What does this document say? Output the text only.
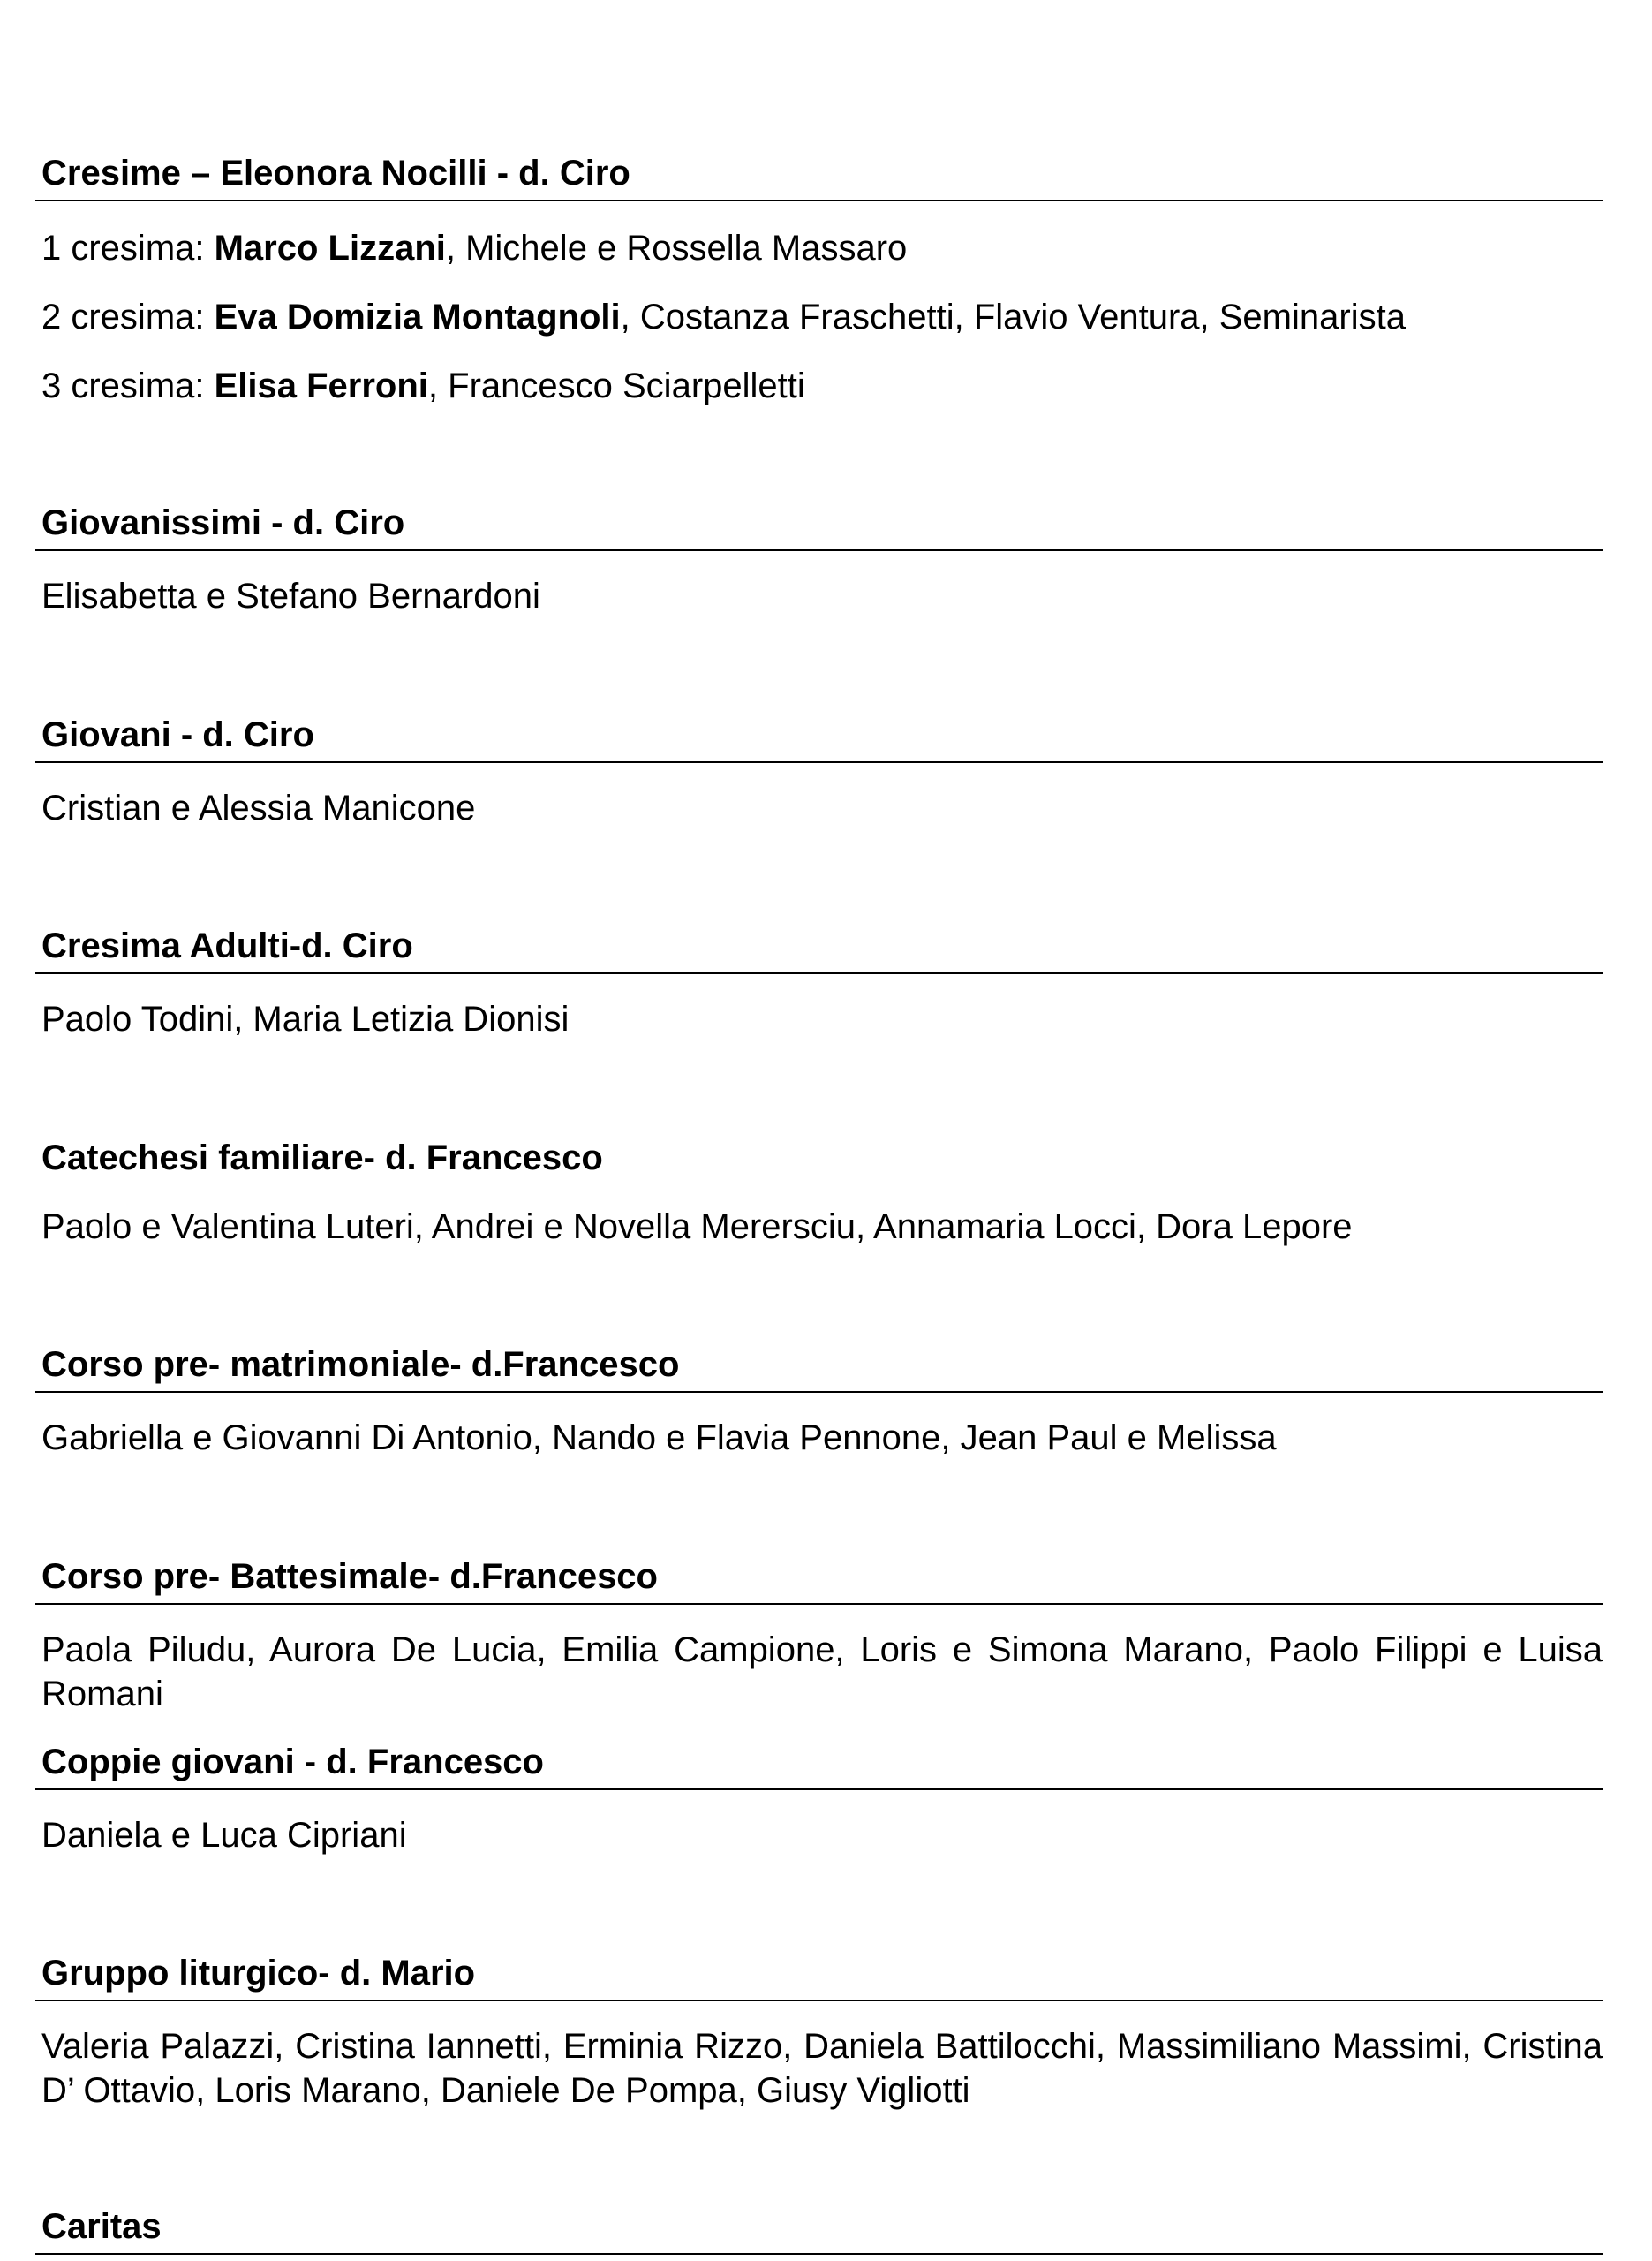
Cresime – Eleonora Nocilli - d. Ciro
1 cresima: Marco Lizzani, Michele e Rossella Massaro
2 cresima: Eva Domizia Montagnoli, Costanza Fraschetti, Flavio Ventura, Seminarista
3 cresima: Elisa Ferroni, Francesco Sciarpelletti
Giovanissimi - d. Ciro
Elisabetta e Stefano Bernardoni
Giovani - d. Ciro
Cristian e Alessia Manicone
Cresima Adulti-d. Ciro
Paolo Todini, Maria Letizia Dionisi
Catechesi familiare- d. Francesco
Paolo e Valentina Luteri, Andrei e Novella Merersciu, Annamaria Locci, Dora Lepore
Corso pre- matrimoniale- d.Francesco
Gabriella e Giovanni Di Antonio, Nando e Flavia Pennone, Jean Paul e Melissa
Corso pre- Battesimale- d.Francesco
Paola Piludu, Aurora De Lucia, Emilia Campione, Loris e Simona Marano, Paolo Filippi e Luisa Romani
Coppie giovani - d. Francesco
Daniela e Luca Cipriani
Gruppo liturgico- d. Mario
Valeria Palazzi, Cristina Iannetti, Erminia Rizzo, Daniela Battilocchi, Massimiliano Massimi, Cristina D’ Ottavio, Loris Marano, Daniele De Pompa, Giusy Vigliotti
Caritas
